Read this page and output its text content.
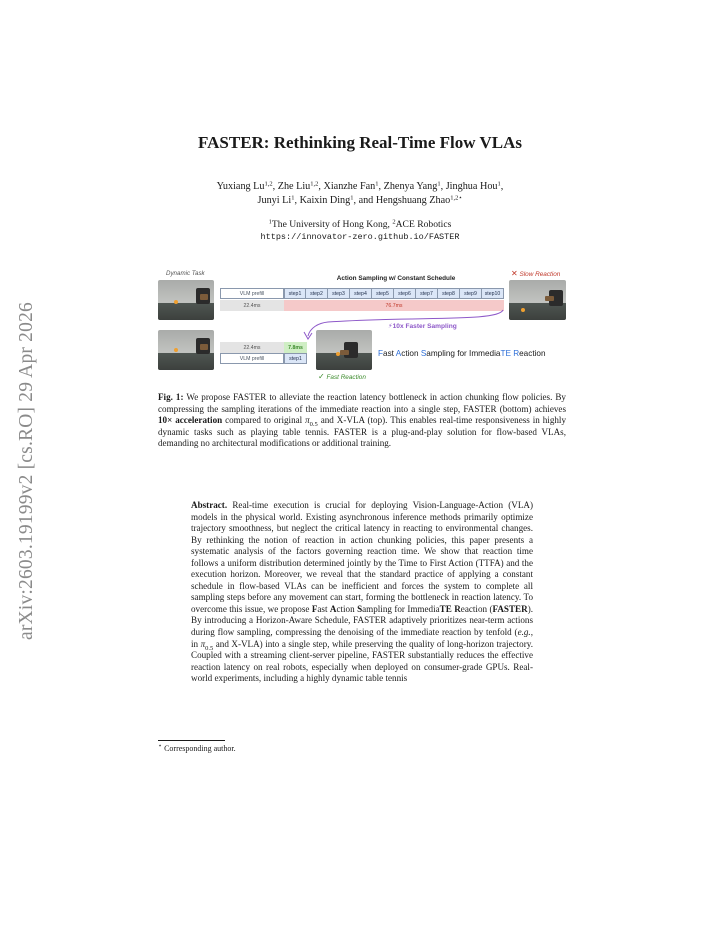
arXiv:2603.19199v2 [cs.RO] 29 Apr 2026
FASTER: Rethinking Real-Time Flow VLAs
Yuxiang Lu$^{1,2}$, Zhe Liu$^{1,2}$, Xianzhe Fan$^1$, Zhenya Yang$^1$, Jinghua Hou$^1$,
Junyi Li$^1$, Kaixin Ding$^1$, and Hengshuang Zhao$^{1,2⋆}$
$^1$The University of Hong Kong, $^2$ACE Robotics
https://innovator-zero.github.io/FASTER
Dynamic Task
Action Sampling w/ Constant Schedule
✕ Slow Reaction
VLM prefill	step1	step2	step3	step4	step5	step6	step7	step8	step9	step10
22.4ms	76.7ms
⚡10x Faster Sampling
22.4ms	7.8ms
VLM prefill	step1
✓ Fast Reaction
Fast Action Sampling for ImmediaTE Reaction
Fig. 1: We propose FASTER to alleviate the reaction latency bottleneck in action chunking flow policies. By compressing the sampling iterations of the immediate reaction into a single step, FASTER (bottom) achieves 10× acceleration compared to original $\pi_{0.5}$ and X-VLA (top). This enables real-time responsiveness in highly dynamic tasks such as playing table tennis. FASTER is a plug-and-play solution for flow-based VLAs, demanding no architectural modifications or additional training.
Abstract. Real-time execution is crucial for deploying Vision-Language-Action (VLA) models in the physical world. Existing asynchronous inference methods primarily optimize trajectory smoothness, but neglect the critical latency in reacting to environmental changes. By rethinking the notion of reaction in action chunking policies, this paper presents a systematic analysis of the factors governing reaction time. We show that reaction time follows a uniform distribution determined jointly by the Time to First Action (TTFA) and the execution horizon. Moreover, we reveal that the standard practice of applying a constant schedule in flow-based VLAs can be inefficient and forces the system to complete all sampling steps before any movement can start, forming the bottleneck in reaction latency. To overcome this issue, we propose Fast Action Sampling for ImmediaTE Reaction (FASTER). By introducing a Horizon-Aware Schedule, FASTER adaptively prioritizes near-term actions during flow sampling, compressing the denoising of the immediate reaction by tenfold (e.g., in $\pi_{0.5}$ and X-VLA) into a single step, while preserving the quality of long-horizon trajectory. Coupled with a streaming client-server pipeline, FASTER substantially reduces the effective reaction latency on real robots, especially when deployed on consumer-grade GPUs. Real-world experiments, including a highly dynamic table tennis
⋆ Corresponding author.
